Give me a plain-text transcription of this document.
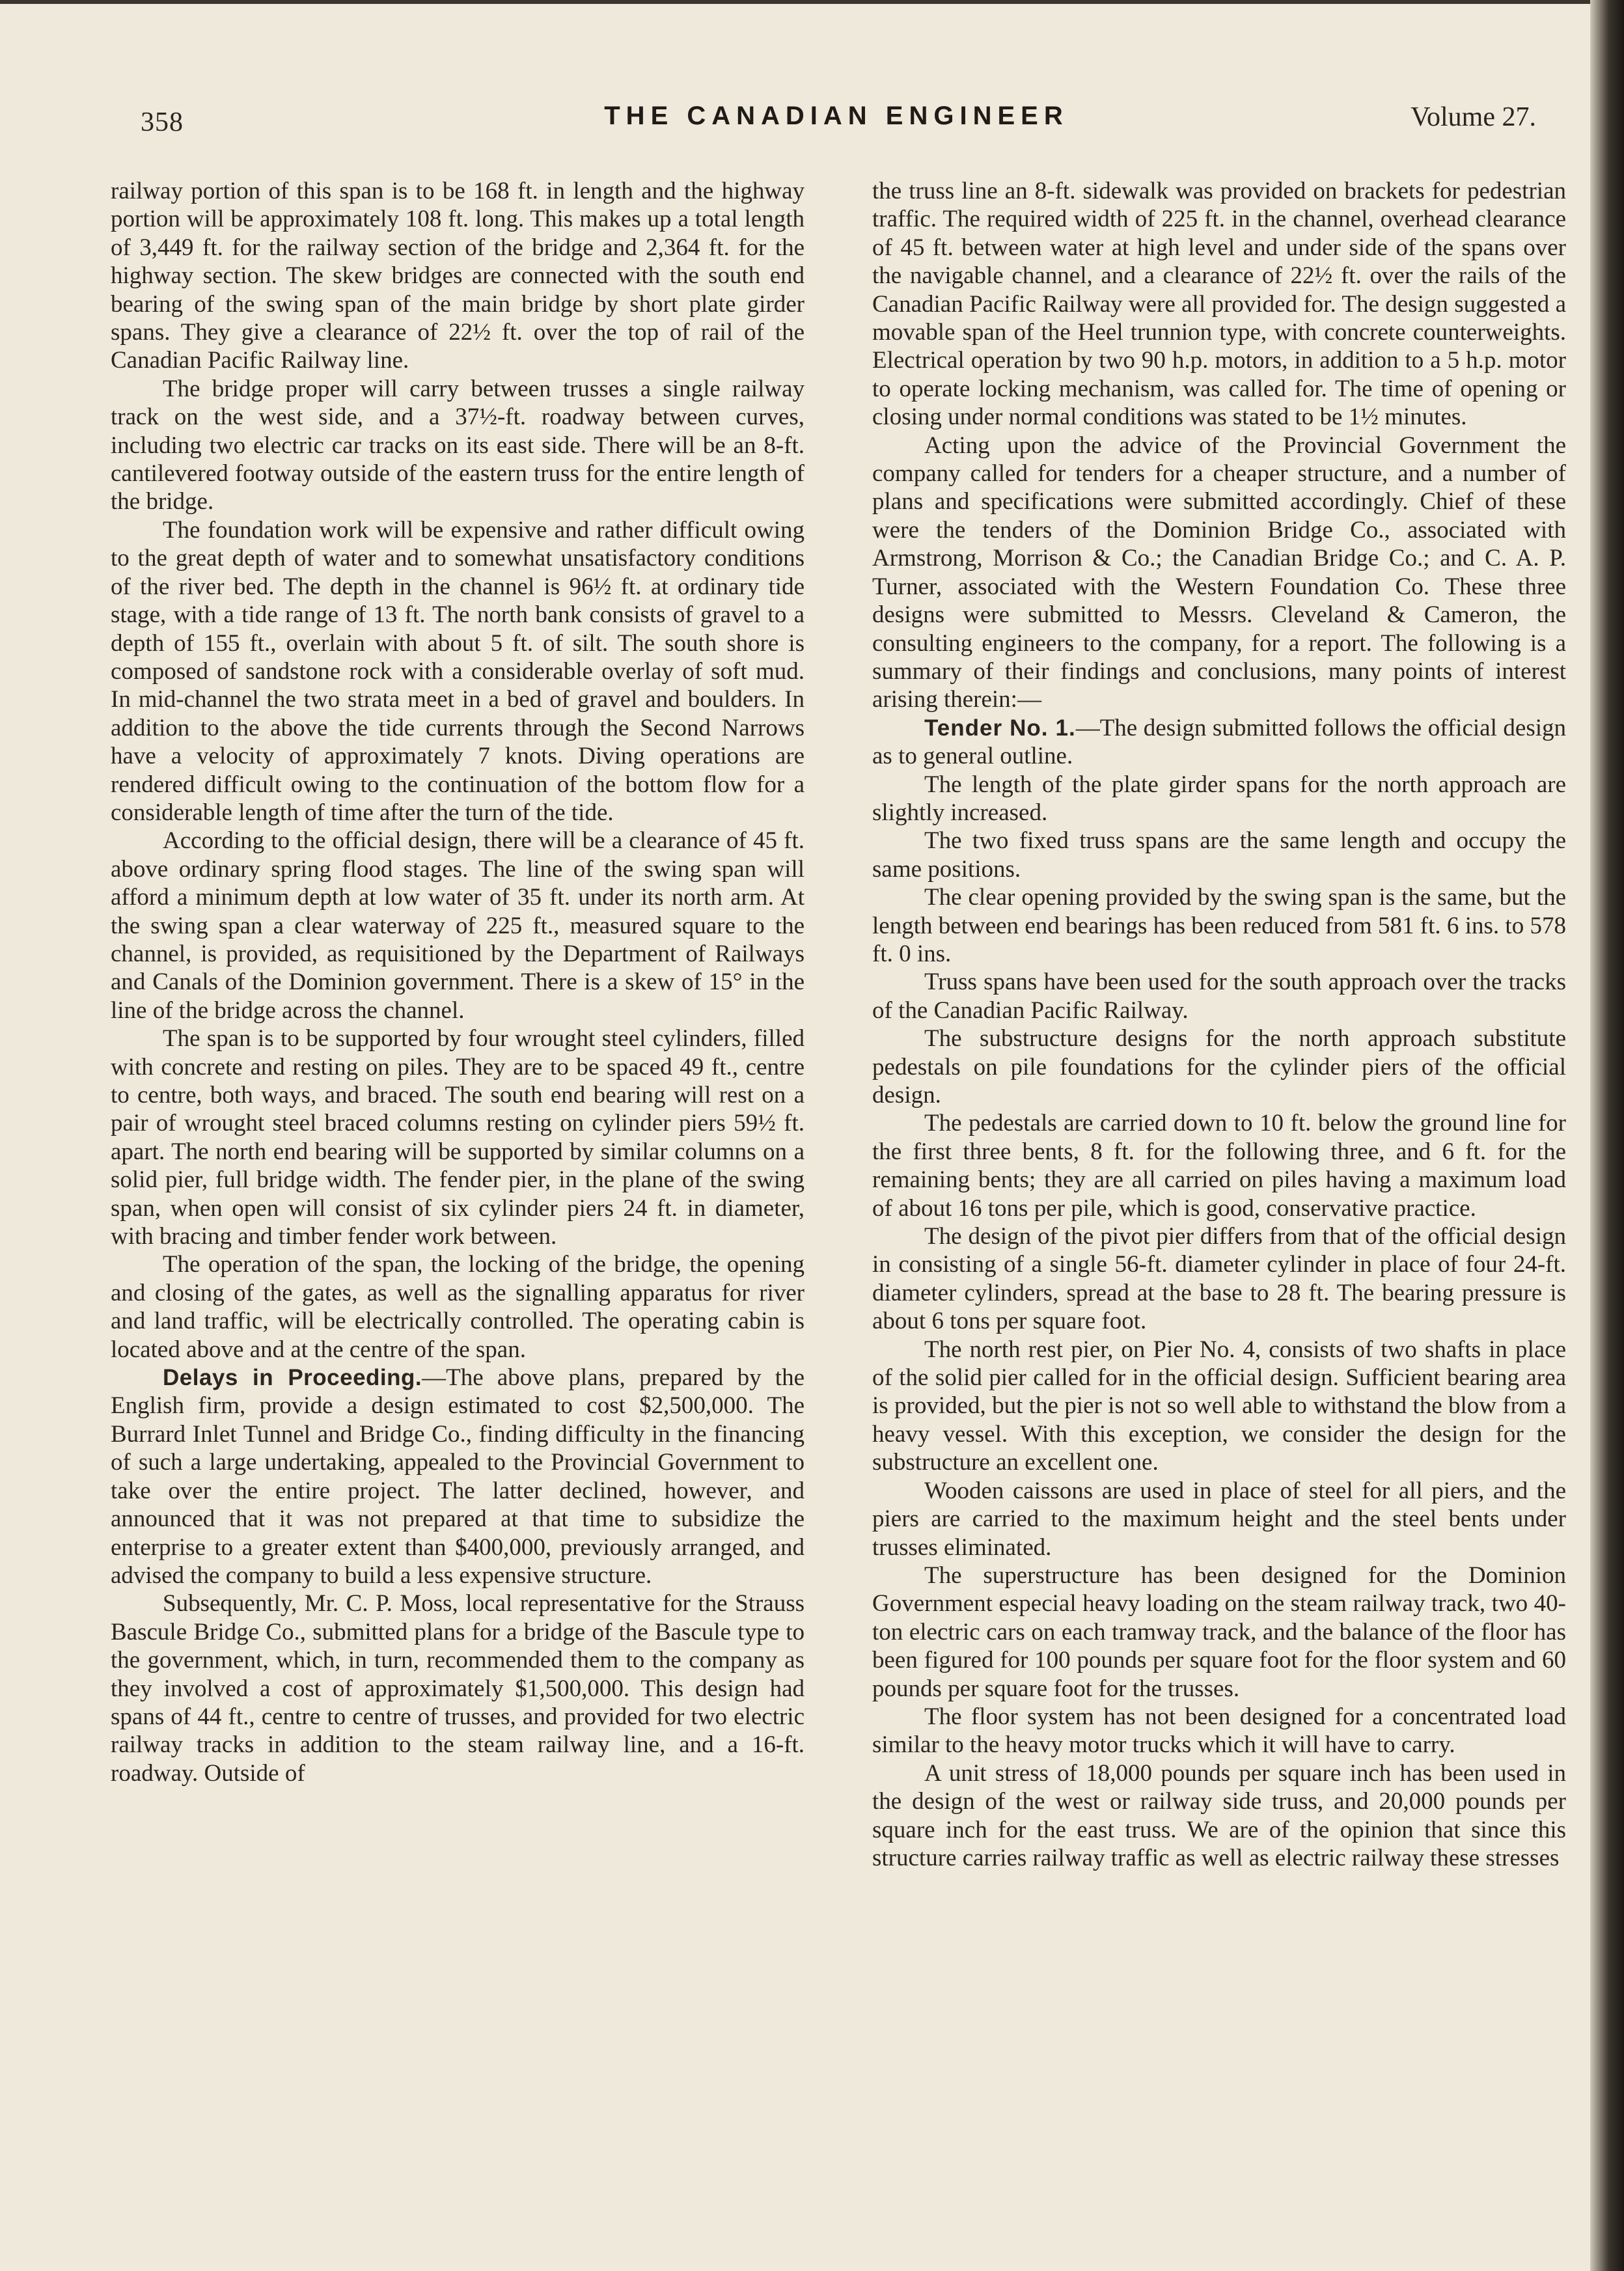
358	THE CANADIAN ENGINEER	Volume 27.

railway portion of this span is to be 168 ft. in length and the highway portion will be approximately 108 ft. long. This makes up a total length of 3,449 ft. for the railway section of the bridge and 2,364 ft. for the highway section. The skew bridges are connected with the south end bearing of the swing span of the main bridge by short plate girder spans. They give a clearance of 22½ ft. over the top of rail of the Canadian Pacific Railway line.

The bridge proper will carry between trusses a single railway track on the west side, and a 37½-ft. roadway between curves, including two electric car tracks on its east side. There will be an 8-ft. cantilevered footway outside of the eastern truss for the entire length of the bridge.

The foundation work will be expensive and rather difficult owing to the great depth of water and to somewhat unsatisfactory conditions of the river bed. The depth in the channel is 96½ ft. at ordinary tide stage, with a tide range of 13 ft. The north bank consists of gravel to a depth of 155 ft., overlain with about 5 ft. of silt. The south shore is composed of sandstone rock with a considerable overlay of soft mud. In mid-channel the two strata meet in a bed of gravel and boulders. In addition to the above the tide currents through the Second Narrows have a velocity of approximately 7 knots. Diving operations are rendered difficult owing to the continuation of the bottom flow for a considerable length of time after the turn of the tide.

According to the official design, there will be a clearance of 45 ft. above ordinary spring flood stages. The line of the swing span will afford a minimum depth at low water of 35 ft. under its north arm. At the swing span a clear waterway of 225 ft., measured square to the channel, is provided, as requisitioned by the Department of Railways and Canals of the Dominion government. There is a skew of 15° in the line of the bridge across the channel.

The span is to be supported by four wrought steel cylinders, filled with concrete and resting on piles. They are to be spaced 49 ft., centre to centre, both ways, and braced. The south end bearing will rest on a pair of wrought steel braced columns resting on cylinder piers 59½ ft. apart. The north end bearing will be supported by similar columns on a solid pier, full bridge width. The fender pier, in the plane of the swing span, when open will consist of six cylinder piers 24 ft. in diameter, with bracing and timber fender work between.

The operation of the span, the locking of the bridge, the opening and closing of the gates, as well as the signalling apparatus for river and land traffic, will be electrically controlled. The operating cabin is located above and at the centre of the span.

Delays in Proceeding.—The above plans, prepared by the English firm, provide a design estimated to cost $2,500,000. The Burrard Inlet Tunnel and Bridge Co., finding difficulty in the financing of such a large undertaking, appealed to the Provincial Government to take over the entire project. The latter declined, however, and announced that it was not prepared at that time to subsidize the enterprise to a greater extent than $400,000, previously arranged, and advised the company to build a less expensive structure.

Subsequently, Mr. C. P. Moss, local representative for the Strauss Bascule Bridge Co., submitted plans for a bridge of the Bascule type to the government, which, in turn, recommended them to the company as they involved a cost of approximately $1,500,000. This design had spans of 44 ft., centre to centre of trusses, and provided for two electric railway tracks in addition to the steam railway line, and a 16-ft. roadway. Outside of

the truss line an 8-ft. sidewalk was provided on brackets for pedestrian traffic. The required width of 225 ft. in the channel, overhead clearance of 45 ft. between water at high level and under side of the spans over the navigable channel, and a clearance of 22½ ft. over the rails of the Canadian Pacific Railway were all provided for. The design suggested a movable span of the Heel trunnion type, with concrete counterweights. Electrical operation by two 90 h.p. motors, in addition to a 5 h.p. motor to operate locking mechanism, was called for. The time of opening or closing under normal conditions was stated to be 1½ minutes.

Acting upon the advice of the Provincial Government the company called for tenders for a cheaper structure, and a number of plans and specifications were submitted accordingly. Chief of these were the tenders of the Dominion Bridge Co., associated with Armstrong, Morrison & Co.; the Canadian Bridge Co.; and C. A. P. Turner, associated with the Western Foundation Co. These three designs were submitted to Messrs. Cleveland & Cameron, the consulting engineers to the company, for a report. The following is a summary of their findings and conclusions, many points of interest arising therein:—

Tender No. 1.—The design submitted follows the official design as to general outline.

The length of the plate girder spans for the north approach are slightly increased.

The two fixed truss spans are the same length and occupy the same positions.

The clear opening provided by the swing span is the same, but the length between end bearings has been reduced from 581 ft. 6 ins. to 578 ft. 0 ins.

Truss spans have been used for the south approach over the tracks of the Canadian Pacific Railway.

The substructure designs for the north approach substitute pedestals on pile foundations for the cylinder piers of the official design.

The pedestals are carried down to 10 ft. below the ground line for the first three bents, 8 ft. for the following three, and 6 ft. for the remaining bents; they are all carried on piles having a maximum load of about 16 tons per pile, which is good, conservative practice.

The design of the pivot pier differs from that of the official design in consisting of a single 56-ft. diameter cylinder in place of four 24-ft. diameter cylinders, spread at the base to 28 ft. The bearing pressure is about 6 tons per square foot.

The north rest pier, on Pier No. 4, consists of two shafts in place of the solid pier called for in the official design. Sufficient bearing area is provided, but the pier is not so well able to withstand the blow from a heavy vessel. With this exception, we consider the design for the substructure an excellent one.

Wooden caissons are used in place of steel for all piers, and the piers are carried to the maximum height and the steel bents under trusses eliminated.

The superstructure has been designed for the Dominion Government especial heavy loading on the steam railway track, two 40-ton electric cars on each tramway track, and the balance of the floor has been figured for 100 pounds per square foot for the floor system and 60 pounds per square foot for the trusses.

The floor system has not been designed for a concentrated load similar to the heavy motor trucks which it will have to carry.

A unit stress of 18,000 pounds per square inch has been used in the design of the west or railway side truss, and 20,000 pounds per square inch for the east truss. We are of the opinion that since this structure carries railway traffic as well as electric railway these stresses
